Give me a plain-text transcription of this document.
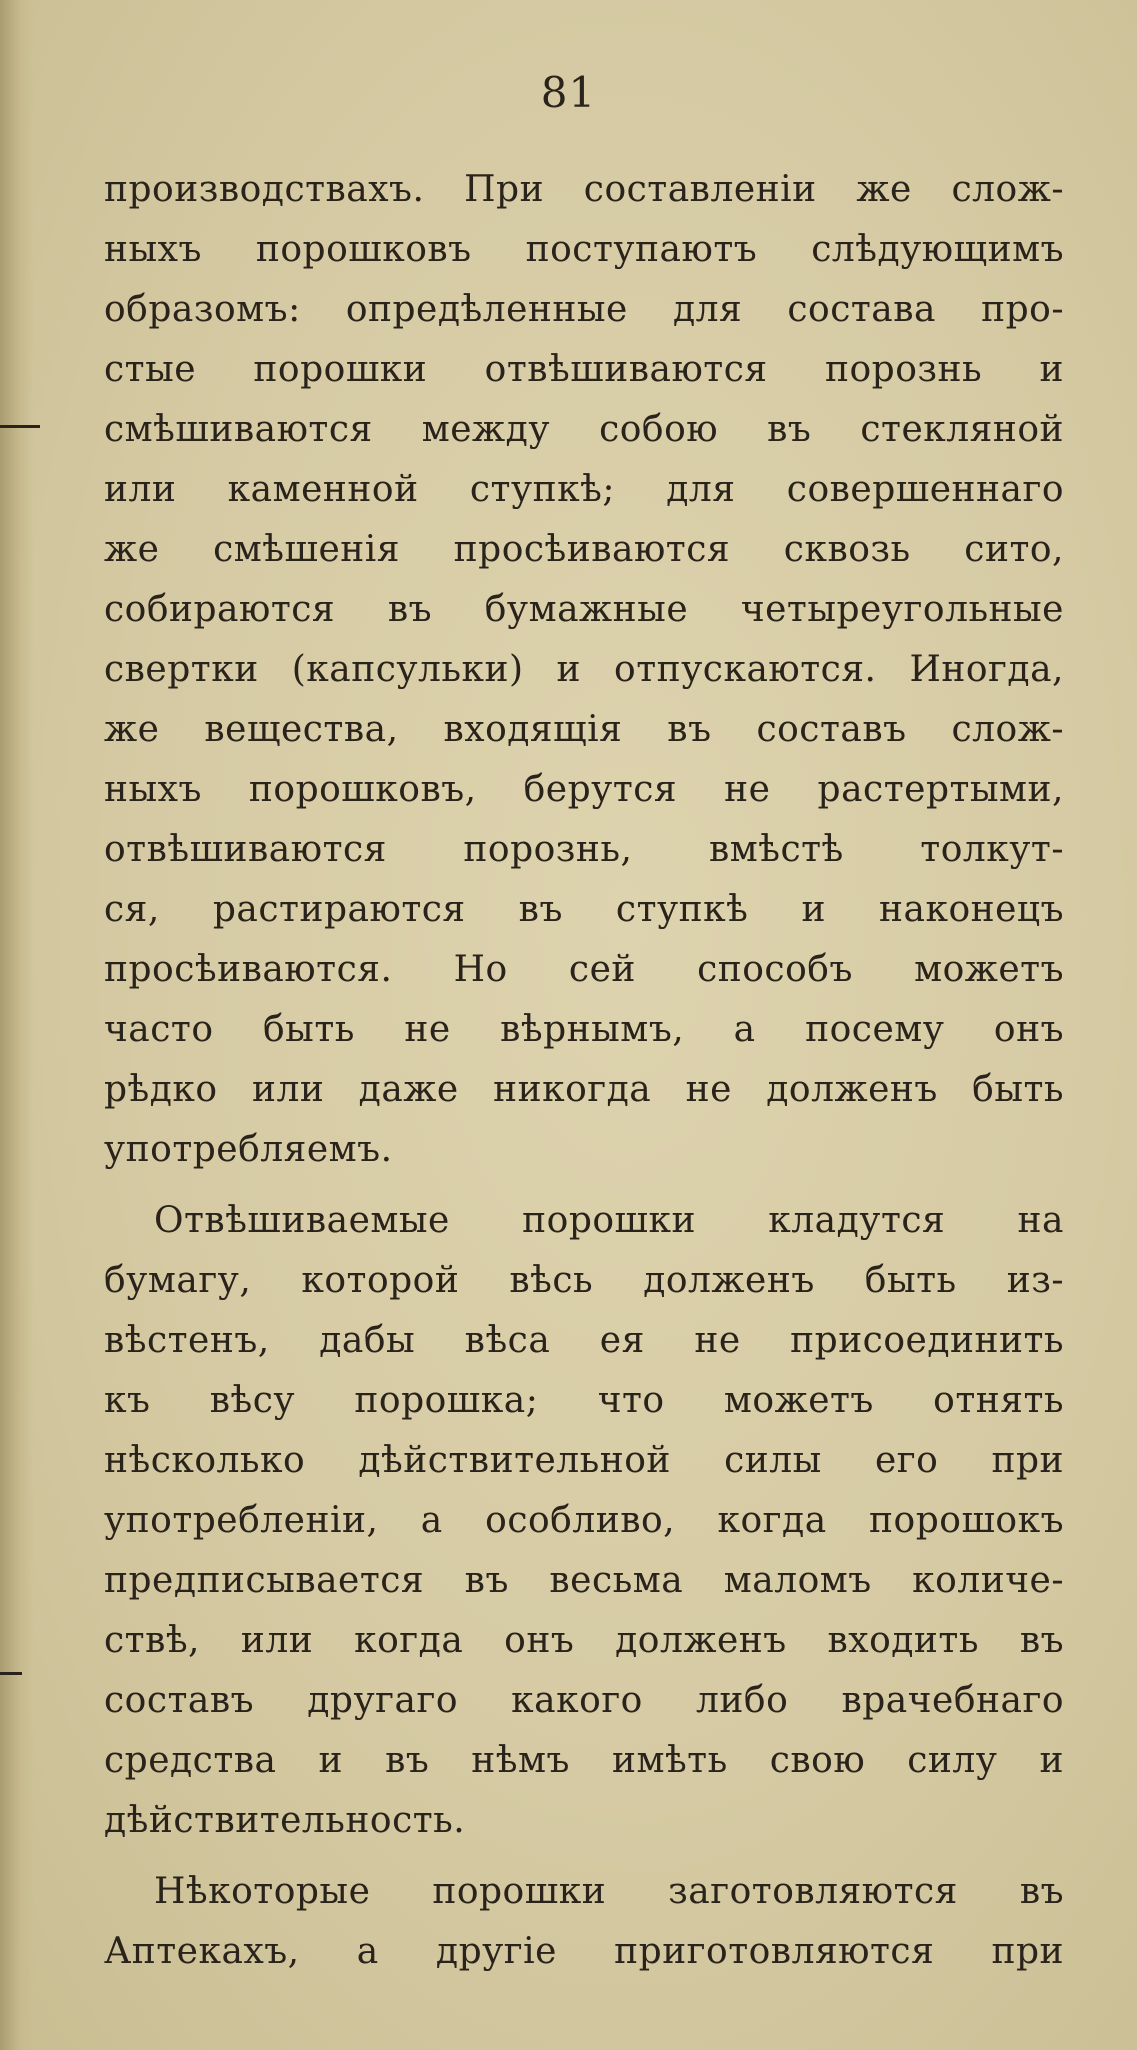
81
производствахъ. При составленіи же слож-
ныхъ порошковъ поступаютъ слѣдующимъ
образомъ: опредѣленные для состава про-
стые порошки отвѣшиваются порознь и
смѣшиваются между собою въ стекляной
или каменной ступкѣ; для совершеннаго
же смѣшенія просѣиваются сквозь сито,
собираются въ бумажные четыреугольные
свертки (капсульки) и отпускаются. Иногда,
же вещества, входящія въ составъ слож-
ныхъ порошковъ, берутся не растертыми,
отвѣшиваются порознь, вмѣстѣ толкут-
ся, растираются въ ступкѣ и наконецъ
просѣиваются. Но сей способъ можетъ
часто быть не вѣрнымъ, а посему онъ
рѣдко или даже никогда не долженъ быть
употребляемъ.
Отвѣшиваемые порошки кладутся на
бумагу, которой вѣсь долженъ быть из-
вѣстенъ, дабы вѣса ея не присоединить
къ вѣсу порошка; что можетъ отнять
нѣсколько дѣйствительной силы его при
употребленіи, а особливо, когда порошокъ
предписывается въ весьма маломъ количе-
ствѣ, или когда онъ долженъ входить въ
составъ другаго какого либо врачебнаго
средства и въ нѣмъ имѣть свою силу и
дѣйствительность.
Нѣкоторые порошки заготовляются въ
Аптекахъ, а другіе приготовляются при
